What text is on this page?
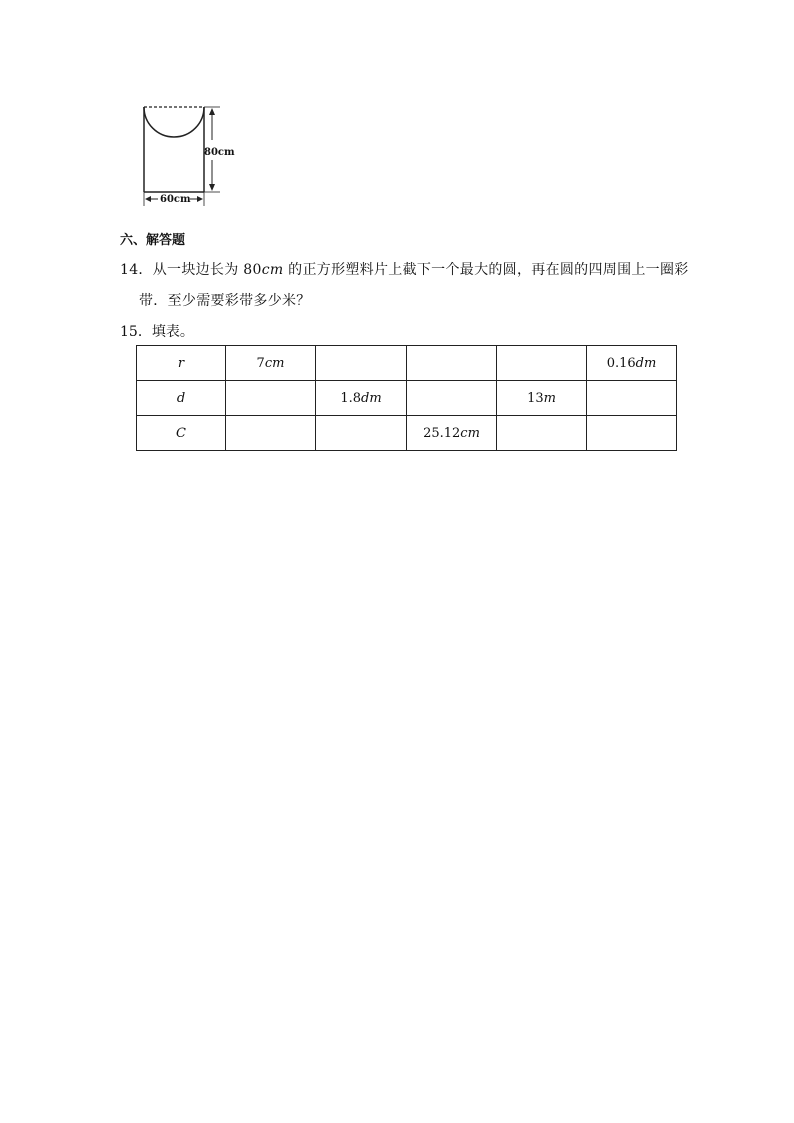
80cm
60cm
六、解答题
14．从一块边长为 80cm 的正方形塑料片上截下一个最大的圆，再在圆的四周围上一圈彩
带．至少需要彩带多少米？
15．填表。
r	7cm				0.16dm
d		1.8dm		13m	
C			25.12cm		
